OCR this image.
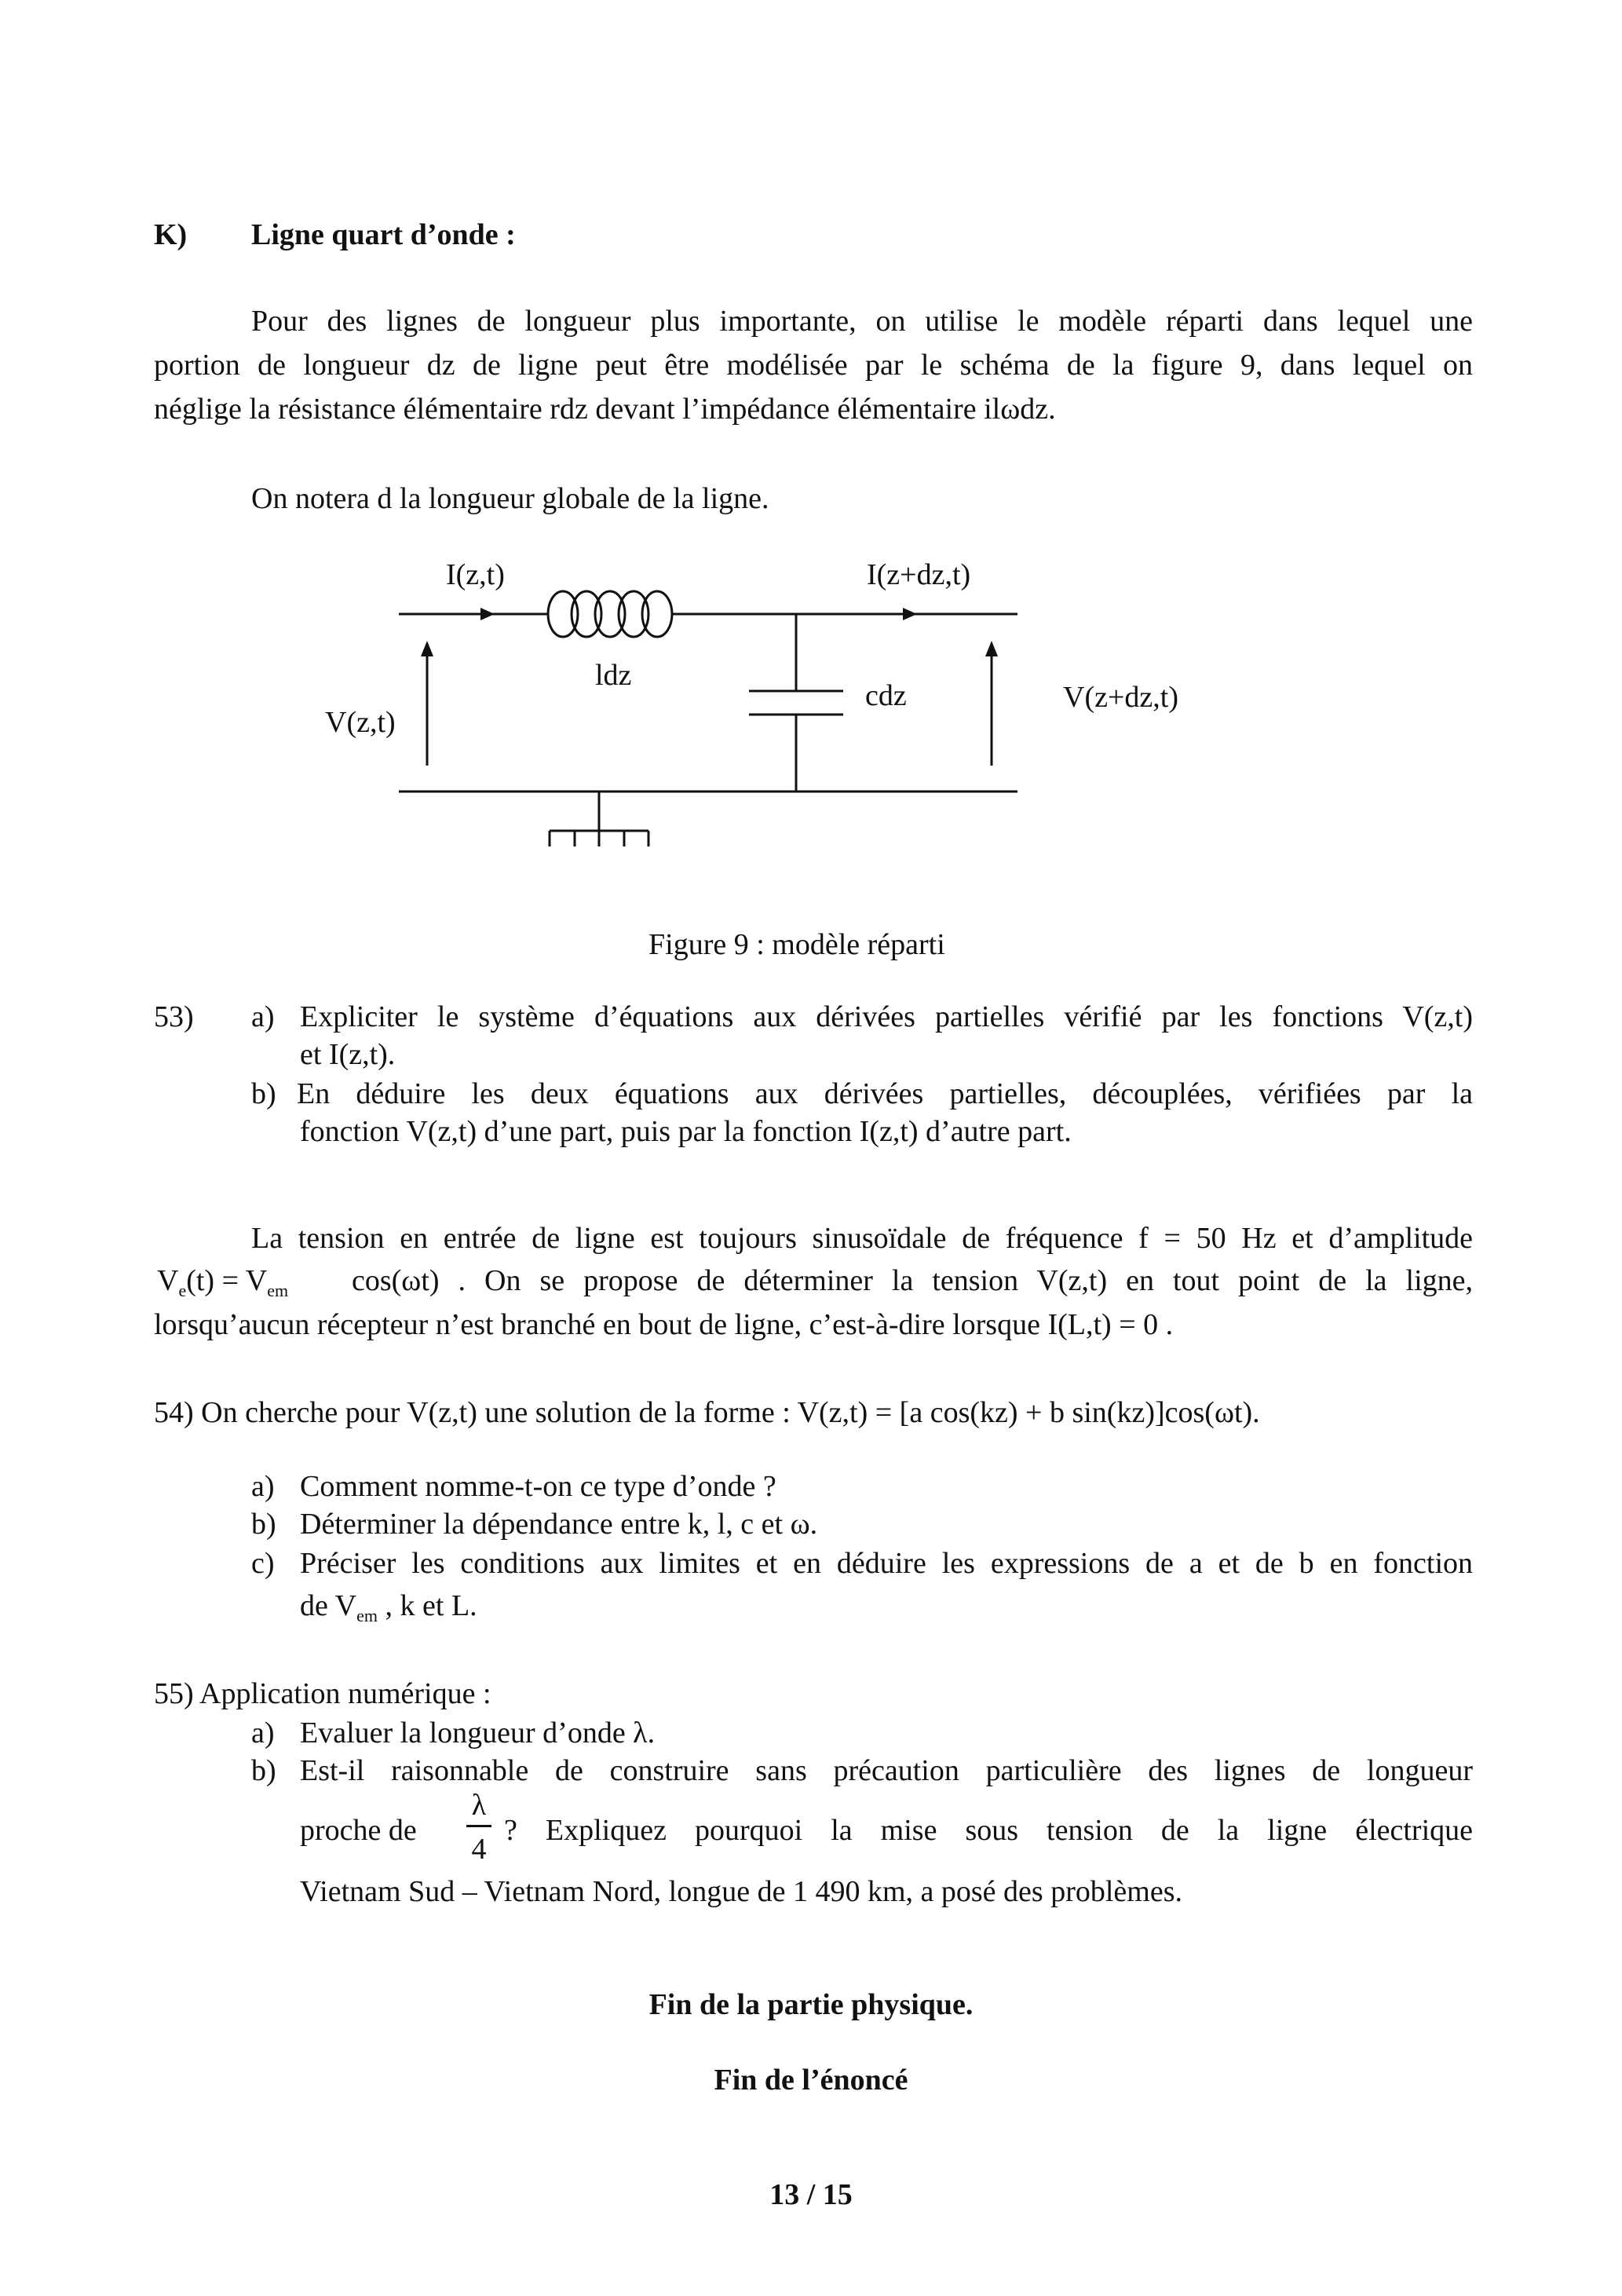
K) Ligne quart d’onde :
Pour des lignes de longueur plus importante, on utilise le modèle réparti dans lequel une
portion de longueur dz de ligne peut être modélisée par le schéma de la figure 9, dans lequel on
néglige la résistance élémentaire rdz devant l’impédance élémentaire ilωdz.
On notera d la longueur globale de la ligne.
I(z,t)	I(z+dz,t)
V(z,t)
V(z+dz,t)
ldz
cdz
Figure 9 : modèle réparti
53) a) Expliciter le système d’équations aux dérivées partielles vérifié par les fonctions V(z,t)
et I(z,t).
b) En déduire les deux équations aux dérivées partielles, découplées, vérifiées par la
fonction V(z,t) d’une part, puis par la fonction I(z,t) d’autre part.
La tension en entrée de ligne est toujours sinusoïdale de fréquence f = 50 Hz et d’amplitude
$V_e(t) = V_{em}$ cos(ωt) . On se propose de déterminer la tension V(z,t) en tout point de la ligne,
lorsqu’aucun récepteur n’est branché en bout de ligne, c’est-à-dire lorsque I(L,t) = 0 .
54) On cherche pour V(z,t) une solution de la forme : V(z,t) = [a cos(kz) + b sin(kz)]cos(ωt).
a) Comment nomme-t-on ce type d’onde ?
b) Déterminer la dépendance entre k, l, c et ω.
c) Préciser les conditions aux limites et en déduire les expressions de a et de b en fonction
de $V_{em}$ , k et L.
55) Application numérique :
a) Evaluer la longueur d’onde λ.
b) Est-il raisonnable de construire sans précaution particulière des lignes de longueur
proche de
λ
4
? Expliquez pourquoi la mise sous tension de la ligne électrique
Vietnam Sud – Vietnam Nord, longue de 1 490 km, a posé des problèmes.
Fin de la partie physique.
Fin de l’énoncé
13 / 15
